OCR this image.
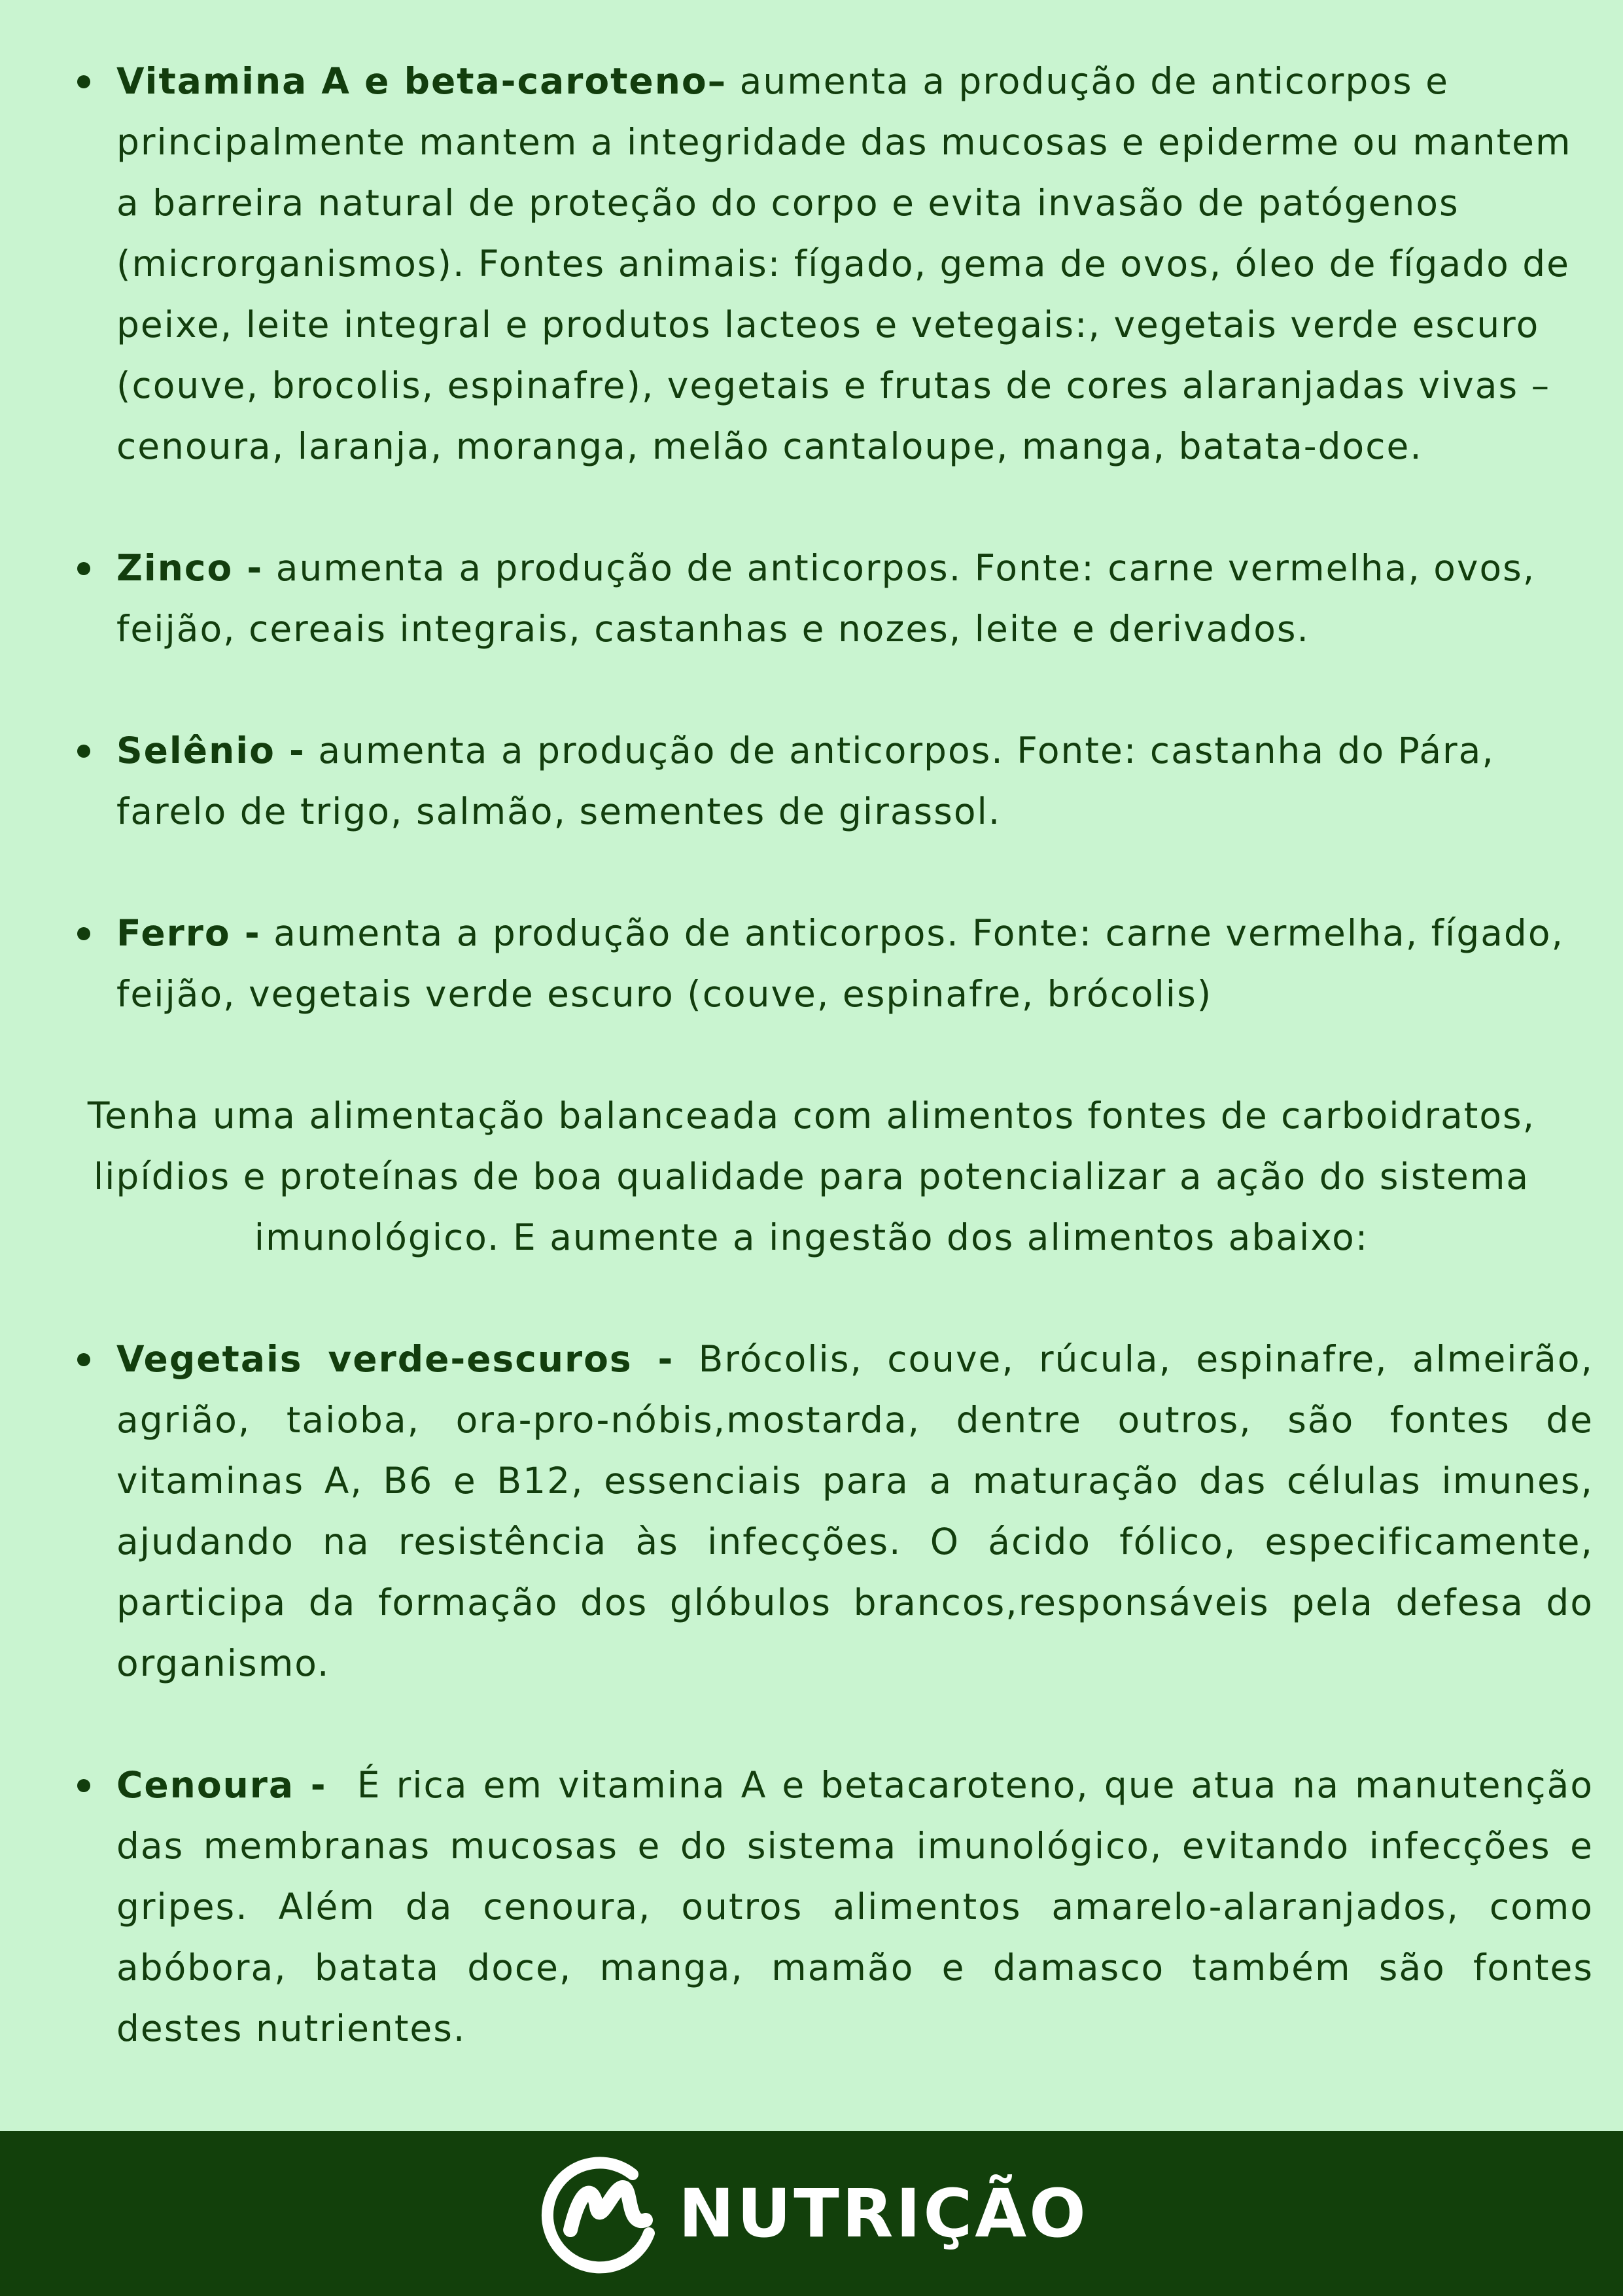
Vitamina A e beta-caroteno– aumenta a produção de anticorpos e principalmente mantem a integridade das mucosas e epiderme ou mantem a barreira natural de proteção do corpo e evita invasão de patógenos (microrganismos). Fontes animais: fígado, gema de ovos, óleo de fígado de peixe, leite integral e produtos lacteos e vetegais:, vegetais verde escuro (couve, brocolis, espinafre), vegetais e frutas de cores alaranjadas vivas – cenoura, laranja, moranga, melão cantaloupe, manga, batata-doce.
Zinco - aumenta a produção de anticorpos. Fonte: carne vermelha, ovos, feijão, cereais integrais, castanhas e nozes, leite e derivados.
Selênio - aumenta a produção de anticorpos. Fonte: castanha do Pára, farelo de trigo, salmão, sementes de girassol.
Ferro - aumenta a produção de anticorpos. Fonte: carne vermelha, fígado, feijão, vegetais verde escuro (couve, espinafre, brócolis)
Tenha uma alimentação balanceada com alimentos fontes de carboidratos, lipídios e proteínas de boa qualidade para potencializar a ação do sistema imunológico. E aumente a ingestão dos alimentos abaixo:
Vegetais verde-escuros - Brócolis, couve, rúcula, espinafre, almeirão, agrião, taioba, ora-pro-nóbis,mostarda, dentre outros, são fontes de vitaminas A, B6 e B12, essenciais para a maturação das células imunes, ajudando na resistência às infecções. O ácido fólico, especificamente, participa da formação dos glóbulos brancos,responsáveis pela defesa do organismo.
Cenoura -  É rica em vitamina A e betacaroteno, que atua na manutenção das membranas mucosas e do sistema imunológico, evitando infecções e gripes. Além da cenoura, outros alimentos amarelo-alaranjados, como abóbora, batata doce, manga, mamão e damasco também são fontes destes nutrientes.
NUTRIÇÃO
